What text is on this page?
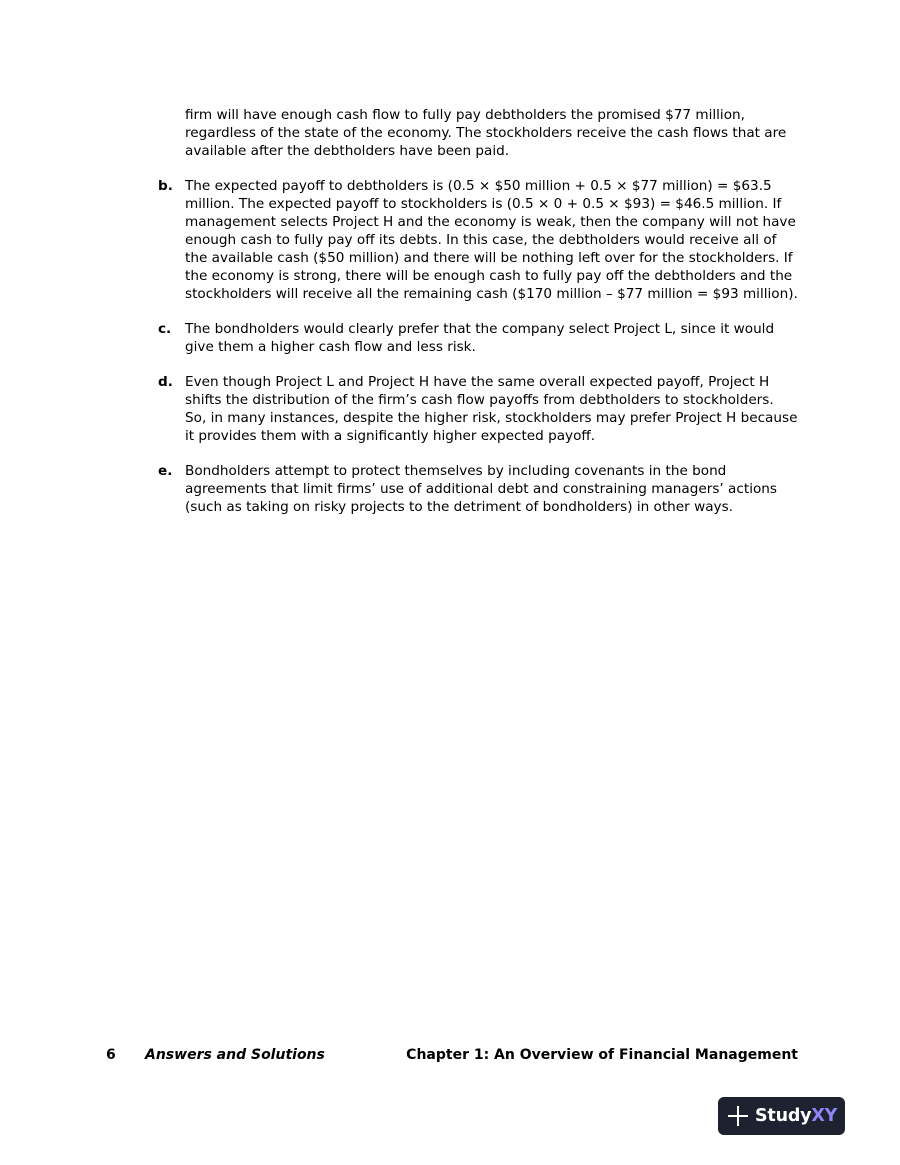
firm will have enough cash flow to fully pay debtholders the promised $77 million, regardless of the state of the economy. The stockholders receive the cash flows that are available after the debtholders have been paid.

b. The expected payoff to debtholders is (0.5 × $50 million + 0.5 × $77 million) = $63.5 million. The expected payoff to stockholders is (0.5 × 0 + 0.5 × $93) = $46.5 million. If management selects Project H and the economy is weak, then the company will not have enough cash to fully pay off its debts. In this case, the debtholders would receive all of the available cash ($50 million) and there will be nothing left over for the stockholders. If the economy is strong, there will be enough cash to fully pay off the debtholders and the stockholders will receive all the remaining cash ($170 million – $77 million = $93 million).
c.	The bondholders would clearly prefer that the company select Project L, since it would give them a higher cash flow and less risk.
d. Even though Project L and Project H have the same overall expected payoff, Project H shifts the distribution of the firm’s cash flow payoffs from debtholders to stockholders. So, in many instances, despite the higher risk, stockholders may prefer Project H because it provides them with a significantly higher expected payoff.
e. Bondholders attempt to protect themselves by including covenants in the bond agreements that limit firms’ use of additional debt and constraining managers’ actions (such as taking on risky projects to the detriment of bondholders) in other ways.
6 Answers and Solutions	Chapter 1: An Overview of Financial Management
StudyXY
